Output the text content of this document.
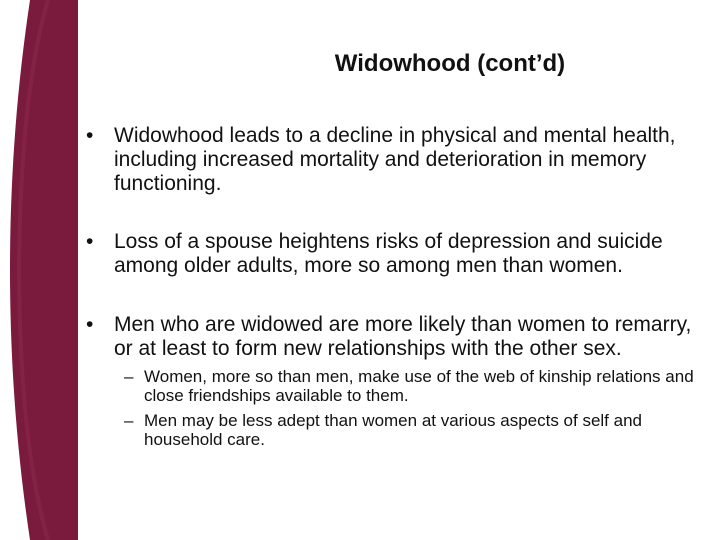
Widowhood (cont’d)
• Widowhood leads to a decline in physical and mental health, including increased mortality and deterioration in memory functioning.
• Loss of a spouse heightens risks of depression and suicide among older adults, more so among men than women.
• Men who are widowed are more likely than women to remarry, or at least to form new relationships with the other sex.
– Women, more so than men, make use of the web of kinship relations and close friendships available to them.
– Men may be less adept than women at various aspects of self and household care.
